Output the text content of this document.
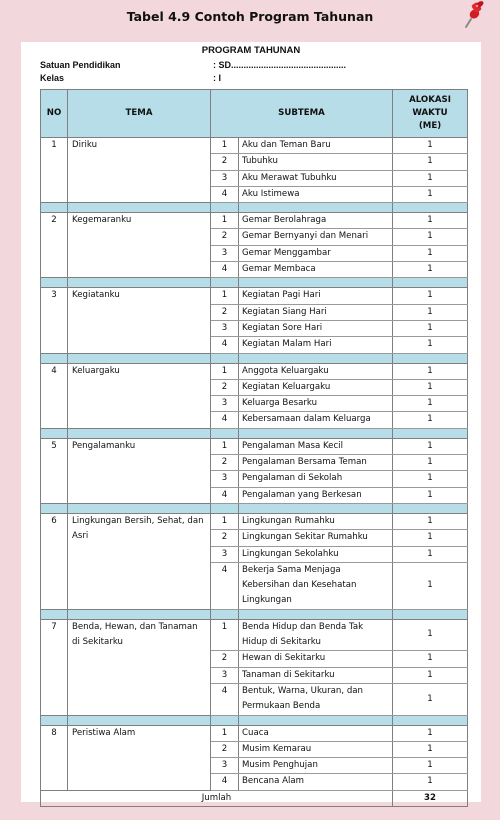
Tabel 4.9 Contoh Program Tahunan
PROGRAM TAHUNAN
Satuan Pendidikan	: SD..............................................
Kelas	: I
NO	TEMA	SUBTEMA		ALOKASI WAKTU (ME)
1	Diriku	1	Aku dan Teman Baru	1
		2	Tubuhku	1
		3	Aku Merawat Tubuhku	1
		4	Aku Istimewa	1

2	Kegemaranku	1	Gemar Berolahraga	1
		2	Gemar Bernyanyi dan Menari	1
		3	Gemar Menggambar	1
		4	Gemar Membaca	1

3	Kegiatanku	1	Kegiatan Pagi Hari	1
		2	Kegiatan Siang Hari	1
		3	Kegiatan Sore Hari	1
		4	Kegiatan Malam Hari	1

4	Keluargaku	1	Anggota Keluargaku	1
		2	Kegiatan Keluargaku	1
		3	Keluarga Besarku	1
		4	Kebersamaan dalam Keluarga	1

5	Pengalamanku	1	Pengalaman Masa Kecil	1
		2	Pengalaman Bersama Teman	1
		3	Pengalaman di Sekolah	1
		4	Pengalaman yang Berkesan	1

6	Lingkungan Bersih, Sehat, dan Asri	1	Lingkungan Rumahku	1
		2	Lingkungan Sekitar Rumahku	1
		3	Lingkungan Sekolahku	1
		4	Bekerja Sama Menjaga Kebersihan dan Kesehatan Lingkungan	1

7	Benda, Hewan, dan Tanaman di Sekitarku	1	Benda Hidup dan Benda Tak Hidup di Sekitarku	1
		2	Hewan di Sekitarku	1
		3	Tanaman di Sekitarku	1
		4	Bentuk, Warna, Ukuran, dan Permukaan Benda	1

8	Peristiwa Alam	1	Cuaca	1
		2	Musim Kemarau	1
		3	Musim Penghujan	1
		4	Bencana Alam	1
Jumlah				32
